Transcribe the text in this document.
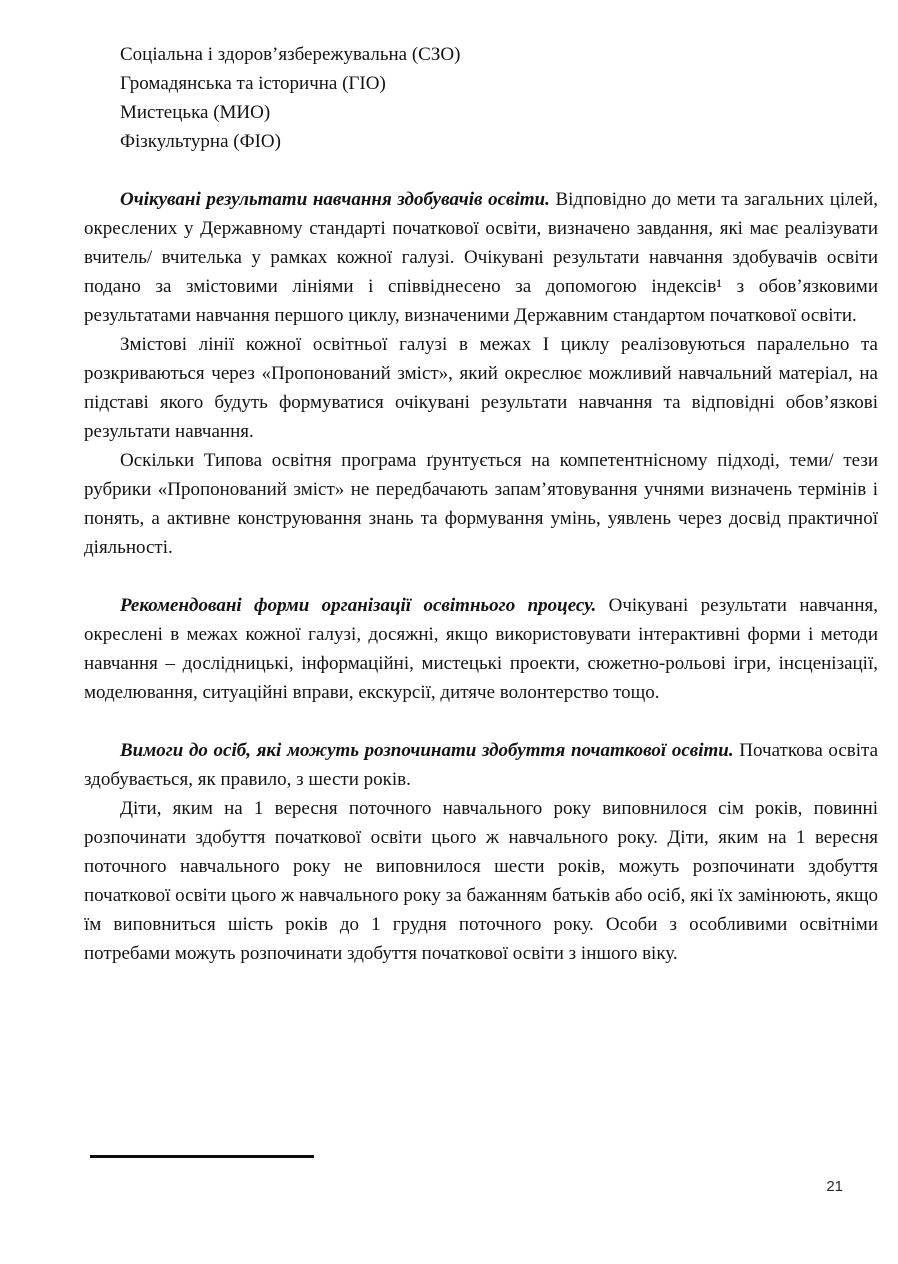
Соціальна і здоров’язбережувальна (СЗО)
Громадянська та історична (ГІО)
Мистецька (МИО)
Фізкультурна (ФІО)

Очікувані результати навчання здобувачів освіти. Відповідно до мети та загальних цілей, окреслених у Державному стандарті початкової освіти, визначено завдання, які має реалізувати вчитель/ вчителька у рамках кожної галузі. Очікувані результати навчання здобувачів освіти подано за змістовими лініями і співвіднесено за допомогою індексів¹ з обов’язковими результатами навчання першого циклу, визначеними Державним стандартом початкової освіти.

Змістові лінії кожної освітньої галузі в межах І циклу реалізовуються паралельно та розкриваються через «Пропонований зміст», який окреслює можливий навчальний матеріал, на підставі якого будуть формуватися очікувані результати навчання та відповідні обов’язкові результати навчання.

Оскільки Типова освітня програма ґрунтується на компетентнісному підході, теми/ тези рубрики «Пропонований зміст» не передбачають запам’ятовування учнями визначень термінів і понять, а активне конструювання знань та формування умінь, уявлень через досвід практичної діяльності.

Рекомендовані форми організації освітнього процесу. Очікувані результати навчання, окреслені в межах кожної галузі, досяжні, якщо використовувати інтерактивні форми і методи навчання – дослідницькі, інформаційні, мистецькі проекти, сюжетно-рольові ігри, інсценізації, моделювання, ситуаційні вправи, екскурсії, дитяче волонтерство тощо.

Вимоги до осіб, які можуть розпочинати здобуття початкової освіти. Початкова освіта здобувається, як правило, з шести років.

Діти, яким на 1 вересня поточного навчального року виповнилося сім років, повинні розпочинати здобуття початкової освіти цього ж навчального року. Діти, яким на 1 вересня поточного навчального року не виповнилося шести років, можуть розпочинати здобуття початкової освіти цього ж навчального року за бажанням батьків або осіб, які їх замінюють, якщо їм виповниться шість років до 1 грудня поточного року. Особи з особливими освітніми потребами можуть розпочинати здобуття початкової освіти з іншого віку.

21
